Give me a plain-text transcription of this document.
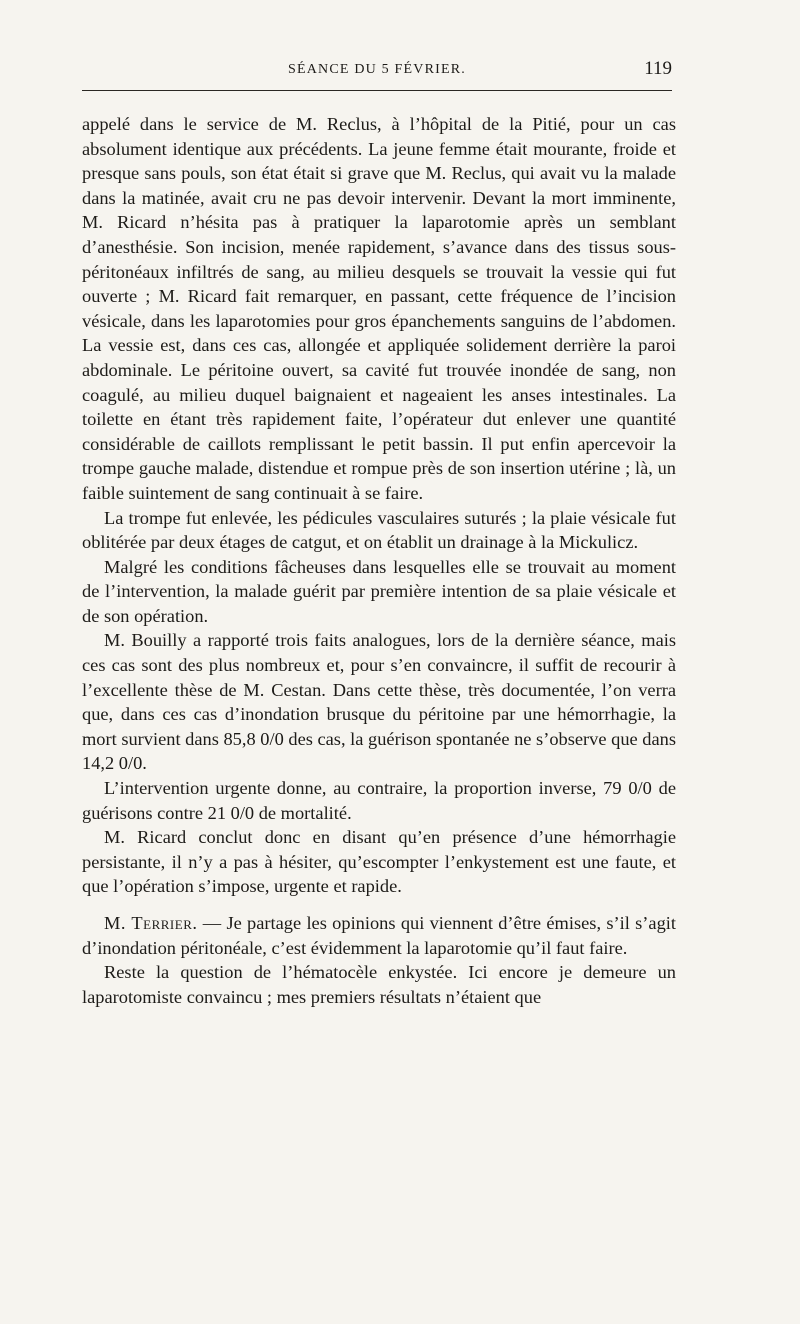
SÉANCE DU 5 FÉVRIER.	119

appelé dans le service de M. Reclus, à l’hôpital de la Pitié, pour un cas absolument identique aux précédents. La jeune femme était mourante, froide et presque sans pouls, son état était si grave que M. Reclus, qui avait vu la malade dans la matinée, avait cru ne pas devoir intervenir. Devant la mort imminente, M. Ricard n’hésita pas à pratiquer la laparotomie après un semblant d’anesthésie. Son incision, menée rapidement, s’avance dans des tissus sous-péritonéaux infiltrés de sang, au milieu desquels se trouvait la vessie qui fut ouverte ; M. Ricard fait remarquer, en passant, cette fréquence de l’incision vésicale, dans les laparotomies pour gros épanchements sanguins de l’abdomen. La vessie est, dans ces cas, allongée et appliquée solidement derrière la paroi abdominale. Le péritoine ouvert, sa cavité fut trouvée inondée de sang, non coagulé, au milieu duquel baignaient et nageaient les anses intestinales. La toilette en étant très rapidement faite, l’opérateur dut enlever une quantité considérable de caillots remplissant le petit bassin. Il put enfin apercevoir la trompe gauche malade, distendue et rompue près de son insertion utérine ; là, un faible suintement de sang continuait à se faire.

La trompe fut enlevée, les pédicules vasculaires suturés ; la plaie vésicale fut oblitérée par deux étages de catgut, et on établit un drainage à la Mickulicz.

Malgré les conditions fâcheuses dans lesquelles elle se trouvait au moment de l’intervention, la malade guérit par première intention de sa plaie vésicale et de son opération.

M. Bouilly a rapporté trois faits analogues, lors de la dernière séance, mais ces cas sont des plus nombreux et, pour s’en convaincre, il suffit de recourir à l’excellente thèse de M. Cestan. Dans cette thèse, très documentée, l’on verra que, dans ces cas d’inondation brusque du péritoine par une hémorrhagie, la mort survient dans 85,8 0/0 des cas, la guérison spontanée ne s’observe que dans 14,2 0/0.

L’intervention urgente donne, au contraire, la proportion inverse, 79 0/0 de guérisons contre 21 0/0 de mortalité.

M. Ricard conclut donc en disant qu’en présence d’une hémorrhagie persistante, il n’y a pas à hésiter, qu’escompter l’enkystement est une faute, et que l’opération s’impose, urgente et rapide.

M. Terrier. — Je partage les opinions qui viennent d’être émises, s’il s’agit d’inondation péritonéale, c’est évidemment la laparotomie qu’il faut faire.

Reste la question de l’hématocèle enkystée. Ici encore je demeure un laparotomiste convaincu ; mes premiers résultats n’étaient que
